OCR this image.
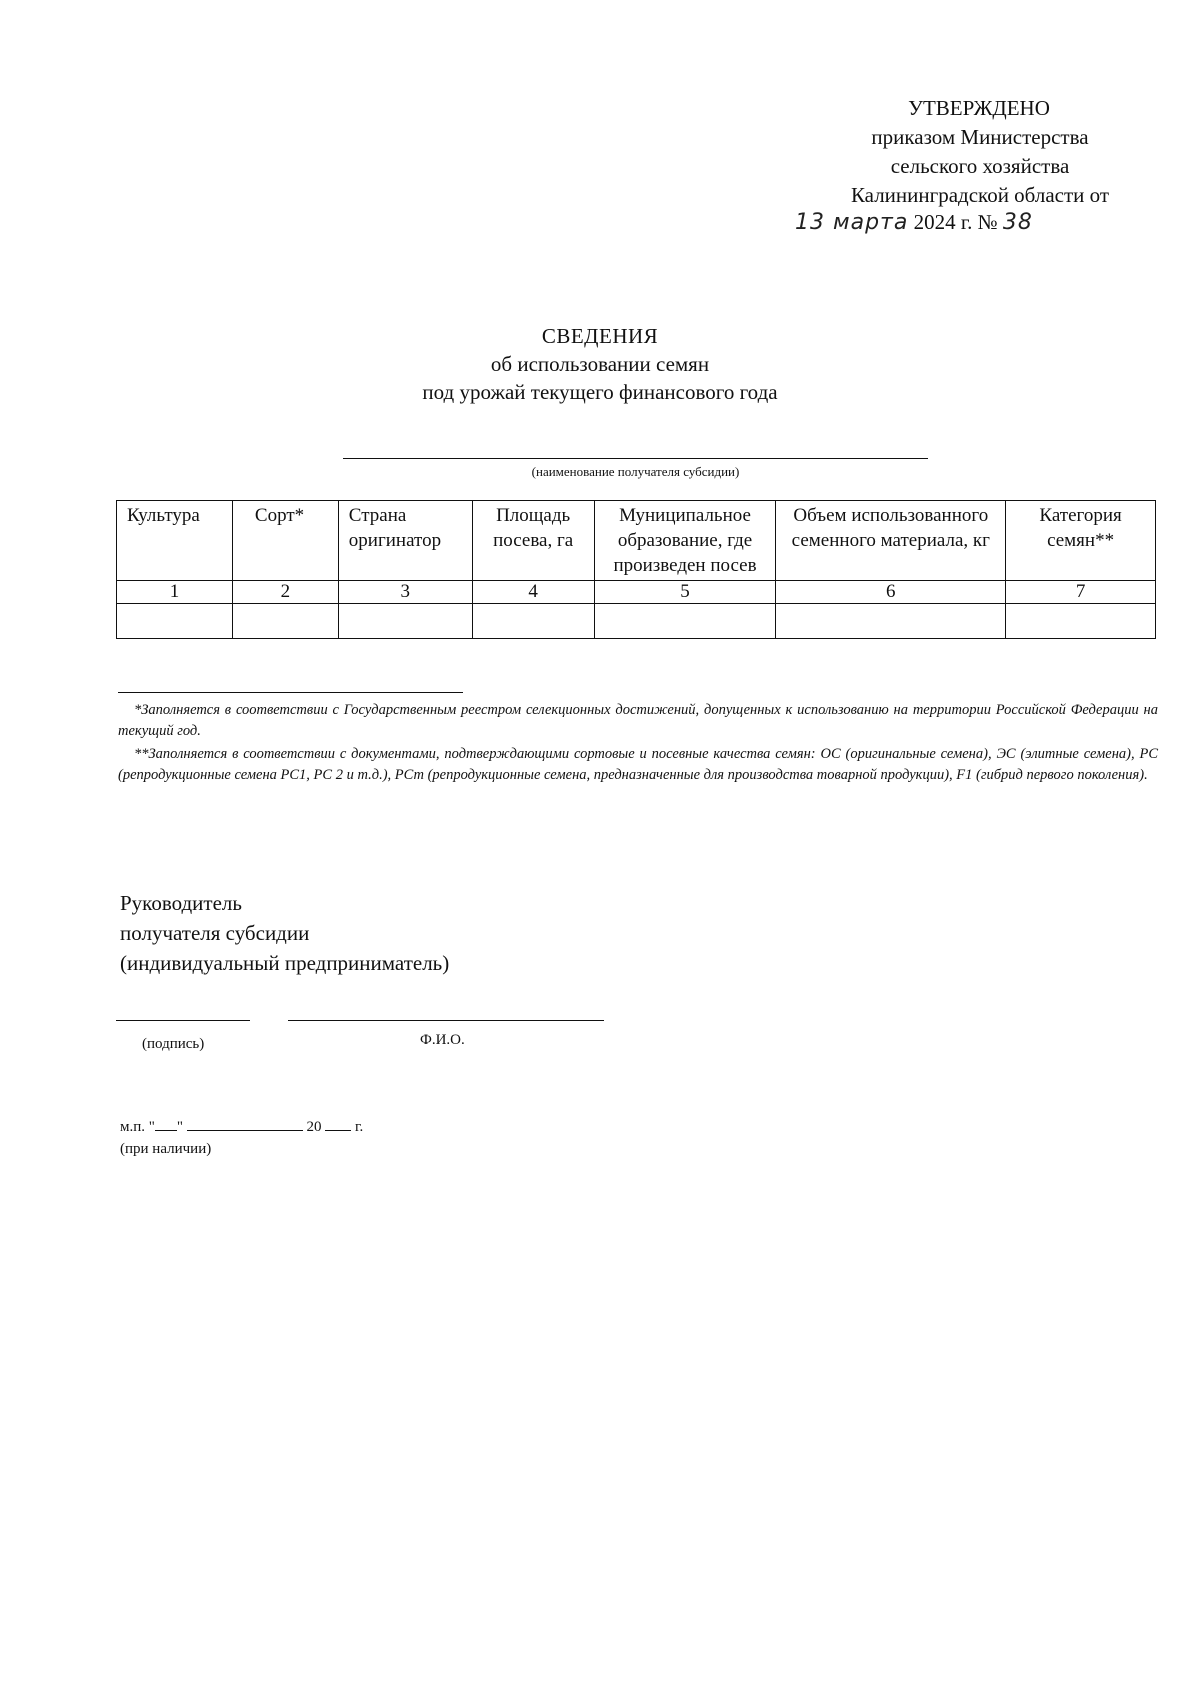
УТВЕРЖДЕНО
приказом Министерства
сельского хозяйства
Калининградской области от
13 марта 2024 г. № 38
СВЕДЕНИЯ
об использовании семян
под урожай текущего финансового года
(наименование получателя субсидии)
Культура	Сорт*	Страна оригинатор	Площадь посева, га	Муниципальное образование, где произведен посев	Объем использованного семенного материала, кг	Категория семян**
1	2	3	4	5	6	7

*Заполняется в соответствии с Государственным реестром селекционных достижений, допущенных к использованию на территории Российской Федерации на текущий год.

**Заполняется в соответствии с документами, подтверждающими сортовые и посевные качества семян: ОС (оригинальные семена), ЭС (элитные семена), РС (репродукционные семена РС1, РС 2 и т.д.), РСт (репродукционные семена, предназначенные для производства товарной продукции), F1 (гибрид первого поколения).

Руководитель
получателя субсидии
(индивидуальный предприниматель)
(подпись)	Ф.И.О.
м.п. " "	20 г.
(при наличии)
